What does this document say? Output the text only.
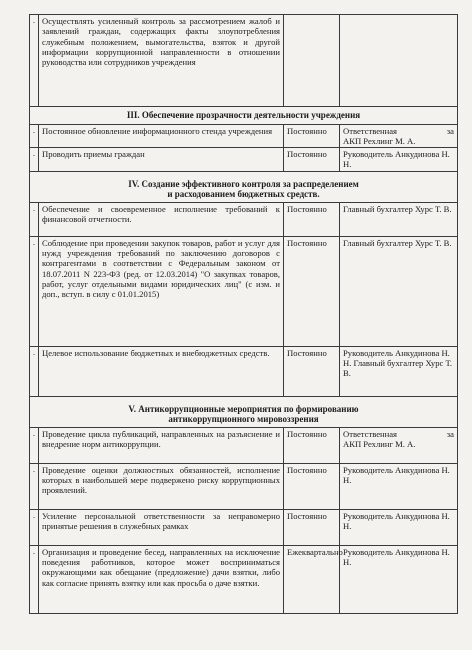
.	Осуществлять усиленный контроль за рассмотрением жалоб и заявлений граждан, содержащих факты злоупотребления служебным положением, вымогательства, взяток и другой информации коррупционной направленности в отношении руководства или сотрудников учреждения		
III. Обеспечение прозрачности деятельности учреждения			
.	Постоянное обновление информационного стенда учреждения	Постоянно	Ответственная за
АКП Рехлинг М. А.

.	Проводить приемы граждан	Постоянно	Руководитель Анкудинова Н. Н.

IV. Создание эффективного контроля за распределением
и расходованием бюджетных средств.			

.	Обеспечение и своевременное исполнение требований к финансовой отчетности.	Постоянно	Главный бухгалтер Хурс Т. В.
.	Соблюдение при проведении закупок товаров, работ и услуг для нужд учреждения требований по заключению договоров с контрагентами в соответствии с Федеральным законом от 18.07.2011 N 223-ФЗ (ред. от 12.03.2014) "О закупках товаров, работ, услуг отдельными видами юридических лиц" (с изм. и доп., вступ. в силу с 01.01.2015)	Постоянно	Главный бухгалтер Хурс Т. В.
.	Целевое использование бюджетных и внебюджетных средств.	Постоянно	Руководитель Анкудинова Н. Н. Главный бухгалтер Хурс Т. В.

V. Антикоррупционные мероприятия по формированию
антикоррупционного мировоззрения			

.	Проведение цикла публикаций, направленных на разъяснение и внедрение норм антикоррупции.	Постоянно	Ответственная за
АКП Рехлинг М. А.

.	Проведение оценки должностных обязанностей, исполнение которых в наибольшей мере подвержено риску коррупционных проявлений.	Постоянно	Руководитель Анкудинова Н. Н.
.	Усиление персональной ответственности за неправомерно принятые решения в служебных рамках	Постоянно	Руководитель Анкудинова Н. Н.
.	Организация и проведение бесед, направленных на исключение поведения работников, которое может восприниматься окружающими как обещание (предложение) дачи взятки, либо как согласие принять взятку или как просьба о даче взятки.	Ежеквартально	Руководитель Анкудинова Н. Н.
